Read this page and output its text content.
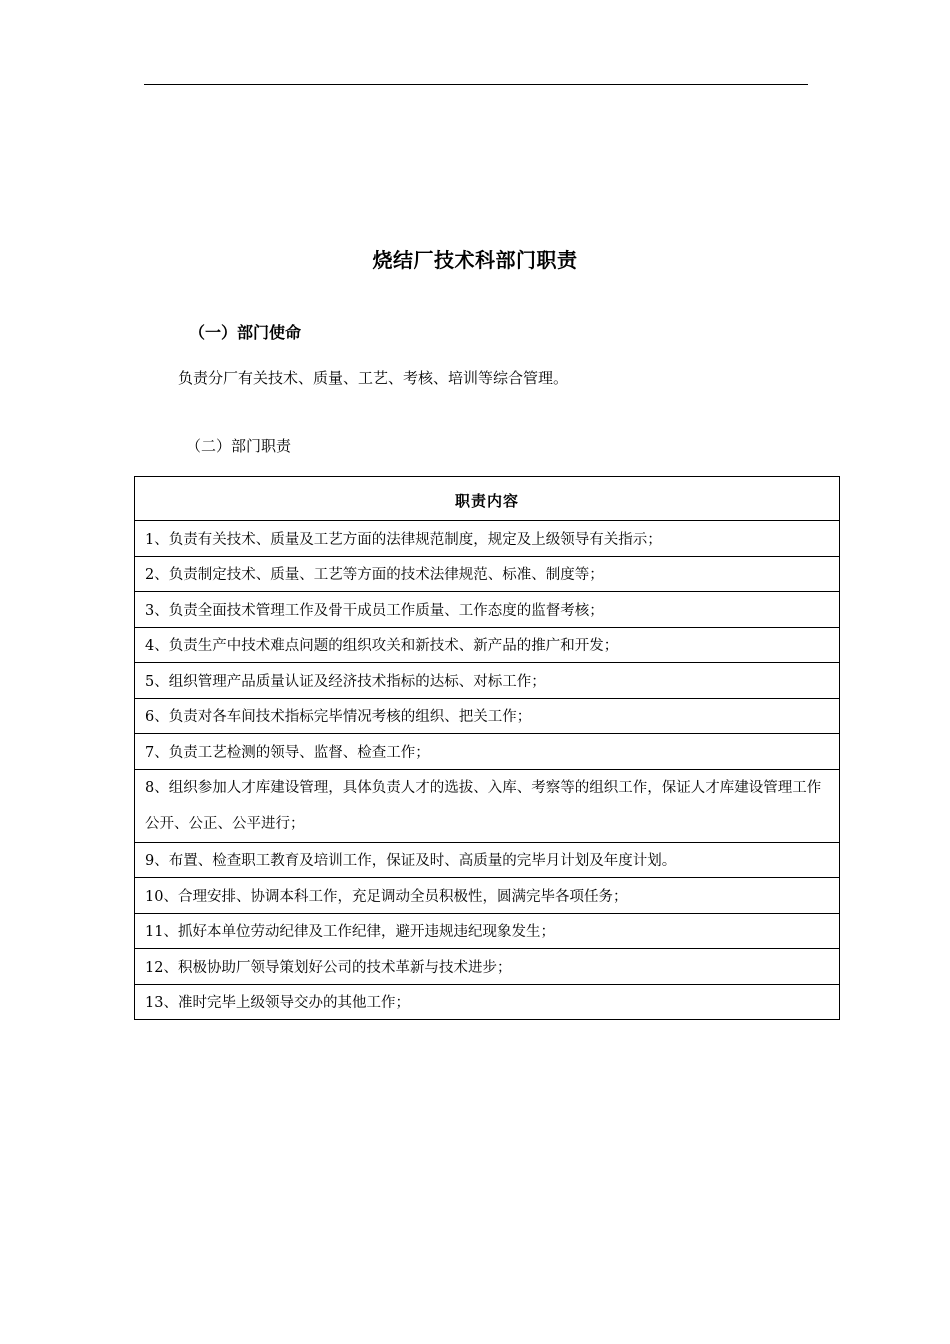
烧结厂技术科部门职责
（一）部门使命
负责分厂有关技术、质量、工艺、考核、培训等综合管理。
（二）部门职责
职责内容
1、负责有关技术、质量及工艺方面的法律规范制度，规定及上级领导有关指示；
2、负责制定技术、质量、工艺等方面的技术法律规范、标准、制度等；
3、负责全面技术管理工作及骨干成员工作质量、工作态度的监督考核；
4、负责生产中技术难点问题的组织攻关和新技术、新产品的推广和开发；
5、组织管理产品质量认证及经济技术指标的达标、对标工作；
6、负责对各车间技术指标完毕情况考核的组织、把关工作；
7、负责工艺检测的领导、监督、检查工作；
8、组织参加人才库建设管理，具体负责人才的选拔、入库、考察等的组织工作，保证人才库建设管理工作公开、公正、公平进行；
9、布置、检查职工教育及培训工作，保证及时、高质量的完毕月计划及年度计划。
10、合理安排、协调本科工作，充足调动全员积极性，圆满完毕各项任务；
11、抓好本单位劳动纪律及工作纪律，避开违规违纪现象发生；
12、积极协助厂领导策划好公司的技术革新与技术进步；
13、准时完毕上级领导交办的其他工作；
